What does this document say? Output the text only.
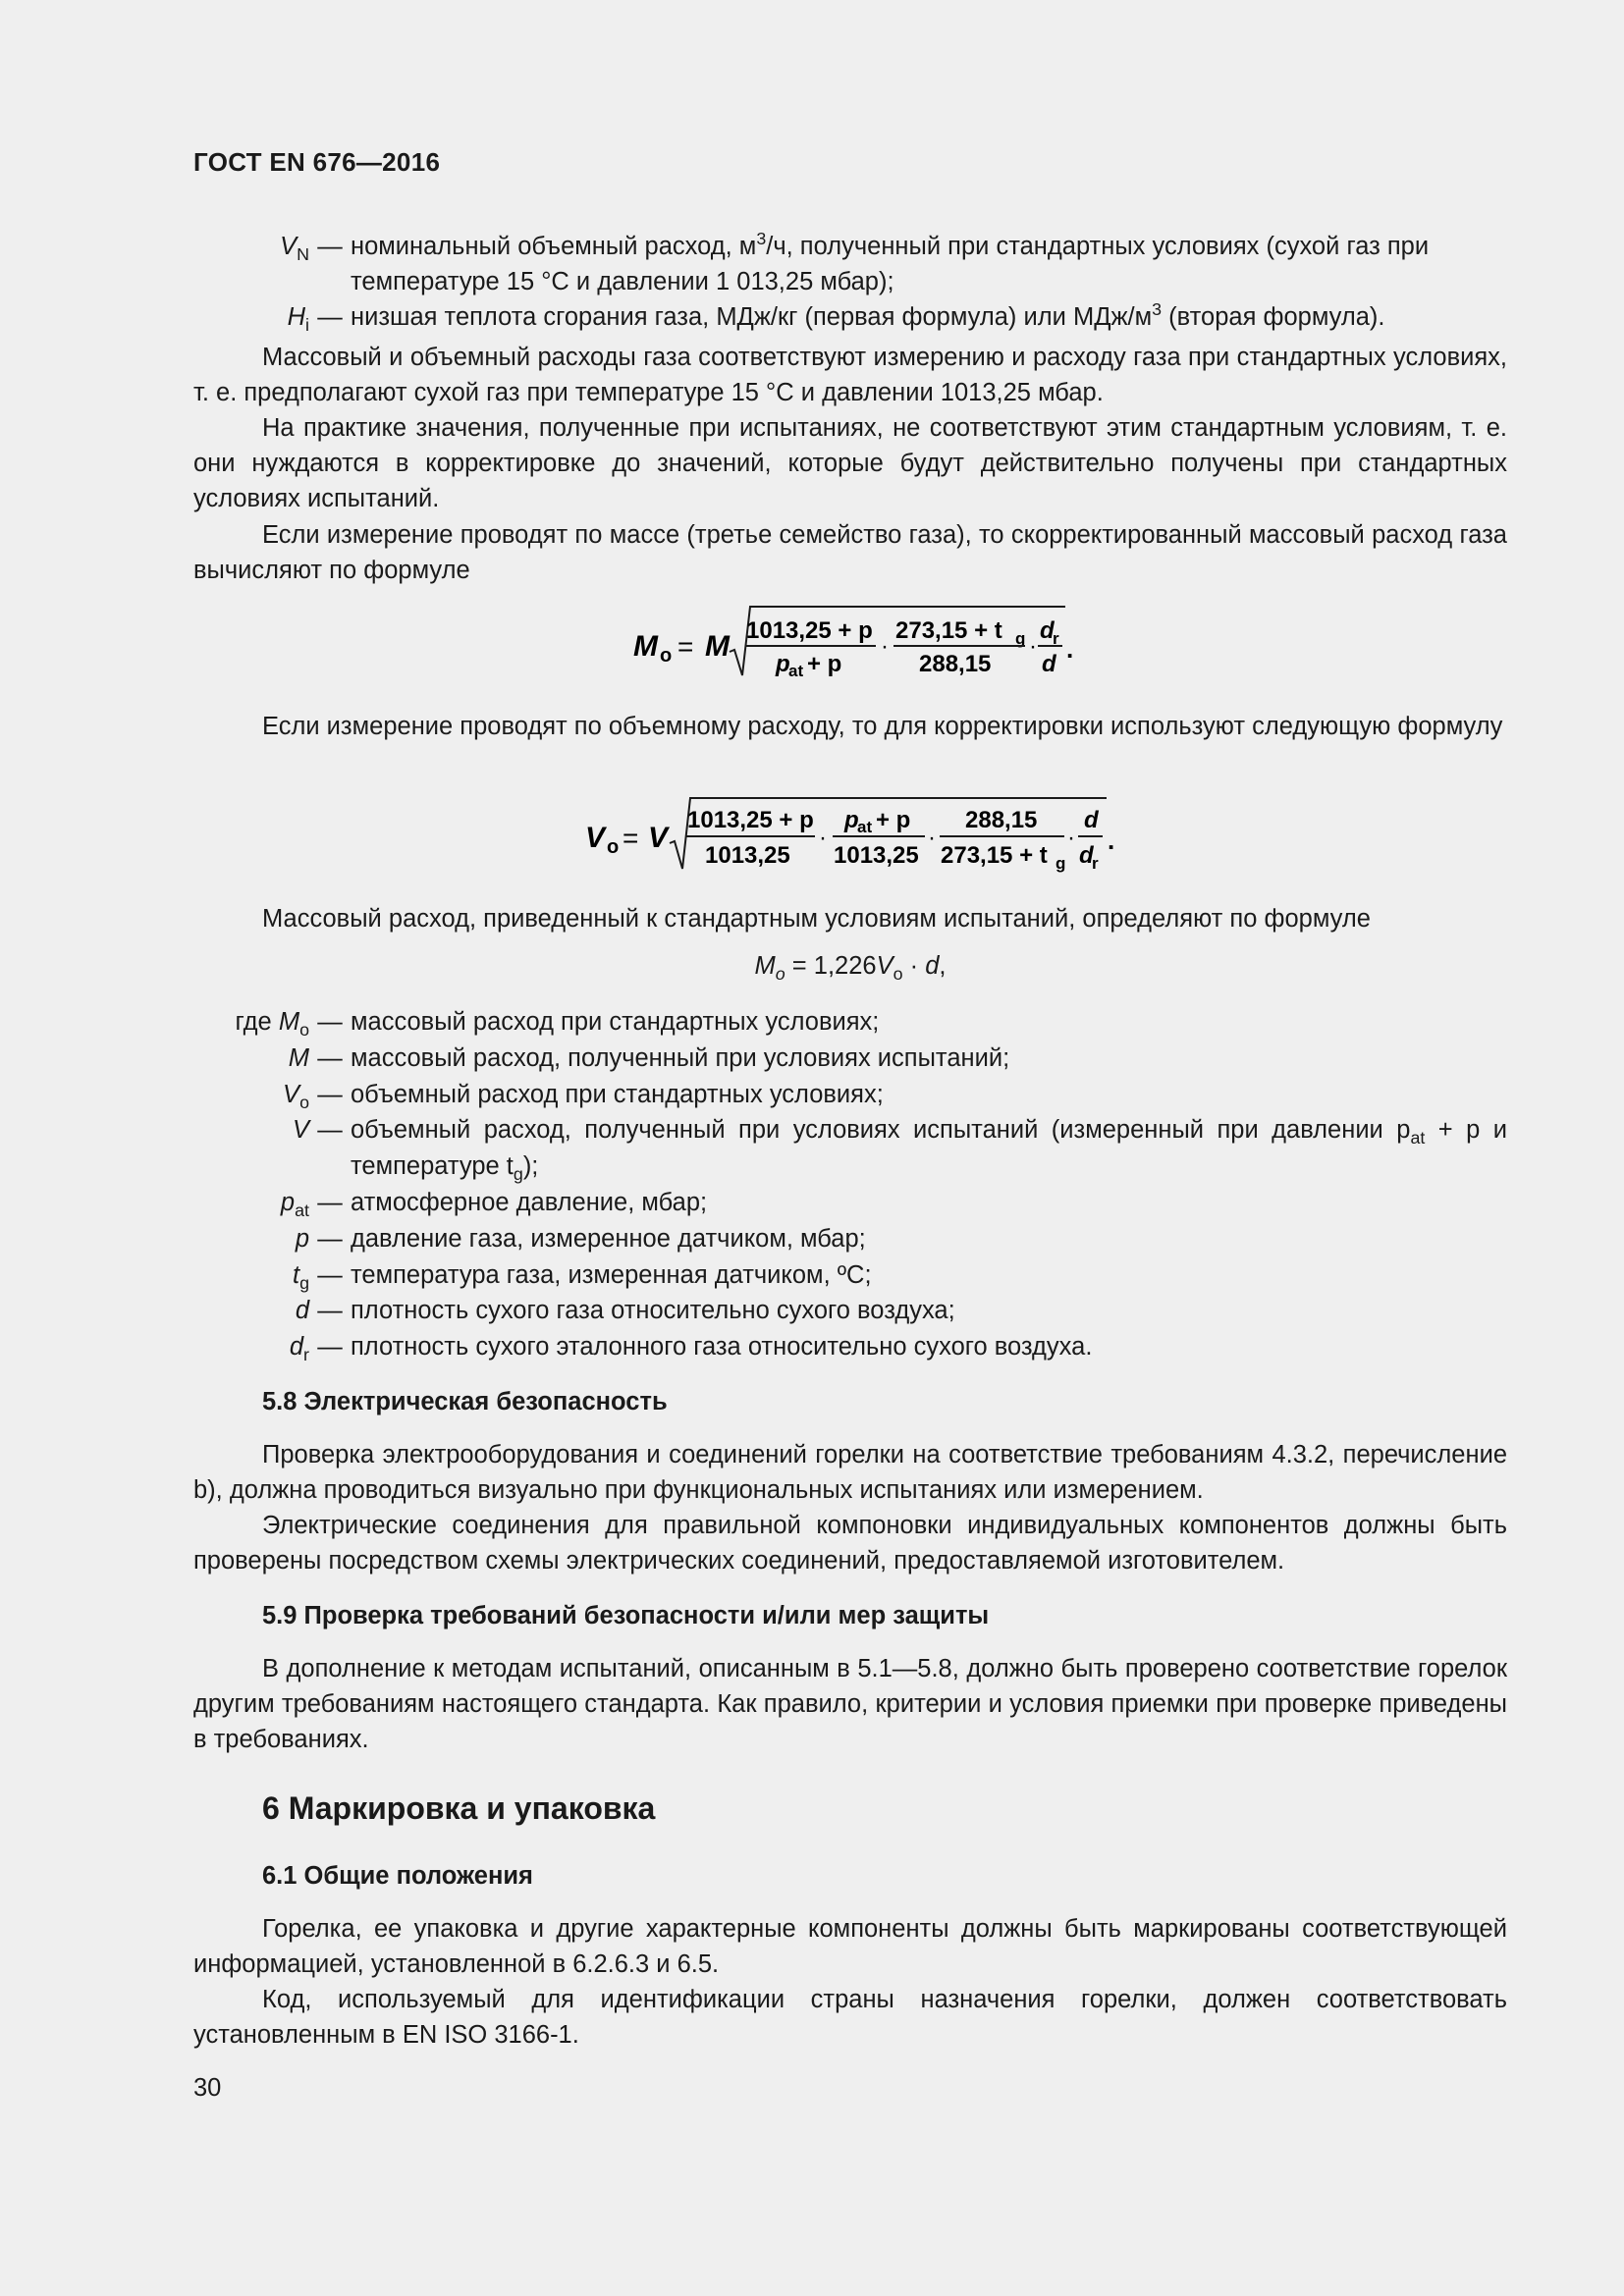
ГОСТ EN 676—2016
$V_N$ — номинальный объемный расход, $м^3/ч$, полученный при стандартных условиях (сухой газ при температуре 15 °C и давлении 1 013,25 мбар);
$H_i$ — низшая теплота сгорания газа, МДж/кг (первая формула) или МДж/$м^3$ (вторая формула).

Массовый и объемный расходы газа соответствуют измерению и расходу газа при стандартных условиях, т. е. предполагают сухой газ при температуре 15 °C и давлении 1013,25 мбар.

На практике значения, полученные при испытаниях, не соответствуют этим стандартным условиям, т. е. они нуждаются в корректировке до значений, которые будут действительно получены при стандартных условиях испытаний.

Если измерение проводят по массе (третье семейство газа), то скорректированный массовый расход газа вычисляют по формуле

M o = M 1013,25 + p
p
at + p
·
273,15 + t g
288,15
·
d
r
d
.

Если измерение проводят по объемному расходу, то для корректировки используют следующую формулу

V o = V
1013,25 + p
1013,25
·
p
at + p
1013,25
·
288,15
273,15 + t g
·
d
d
r
.

Массовый расход, приведенный к стандартным условиям испытаний, определяют по формуле

$M_o = 1,226V_o \cdot d$,
где $M_o$ — массовый расход при стандартных условиях;
M — массовый расход, полученный при условиях испытаний;
$V_o$ — объемный расход при стандартных условиях;
V — объемный расход, полученный при условиях испытаний (измеренный при давлении $p_{at} + p$ и температуре $t_g$);
$p_{at}$ — атмосферное давление, мбар;
p — давление газа, измеренное датчиком, мбар;
$t_g$ — температура газа, измеренная датчиком, ºС;
d — плотность сухого газа относительно сухого воздуха;
$d_r$ — плотность сухого эталонного газа относительно сухого воздуха.
5.8 Электрическая безопасность

Проверка электрооборудования и соединений горелки на соответствие требованиям 4.3.2, перечисление b), должна проводиться визуально при функциональных испытаниях или измерением.

Электрические соединения для правильной компоновки индивидуальных компонентов должны быть проверены посредством схемы электрических соединений, предоставляемой изготовителем.

5.9 Проверка требований безопасности и/или мер защиты

В дополнение к методам испытаний, описанным в 5.1—5.8, должно быть проверено соответствие горелок другим требованиям настоящего стандарта. Как правило, критерии и условия приемки при проверке приведены в требованиях.

6 Маркировка и упаковка
6.1 Общие положения

Горелка, ее упаковка и другие характерные компоненты должны быть маркированы соответствующей информацией, установленной в 6.2.6.3 и 6.5.

Код, используемый для идентификации страны назначения горелки, должен соответствовать установленным в EN ISO 3166-1.

30
